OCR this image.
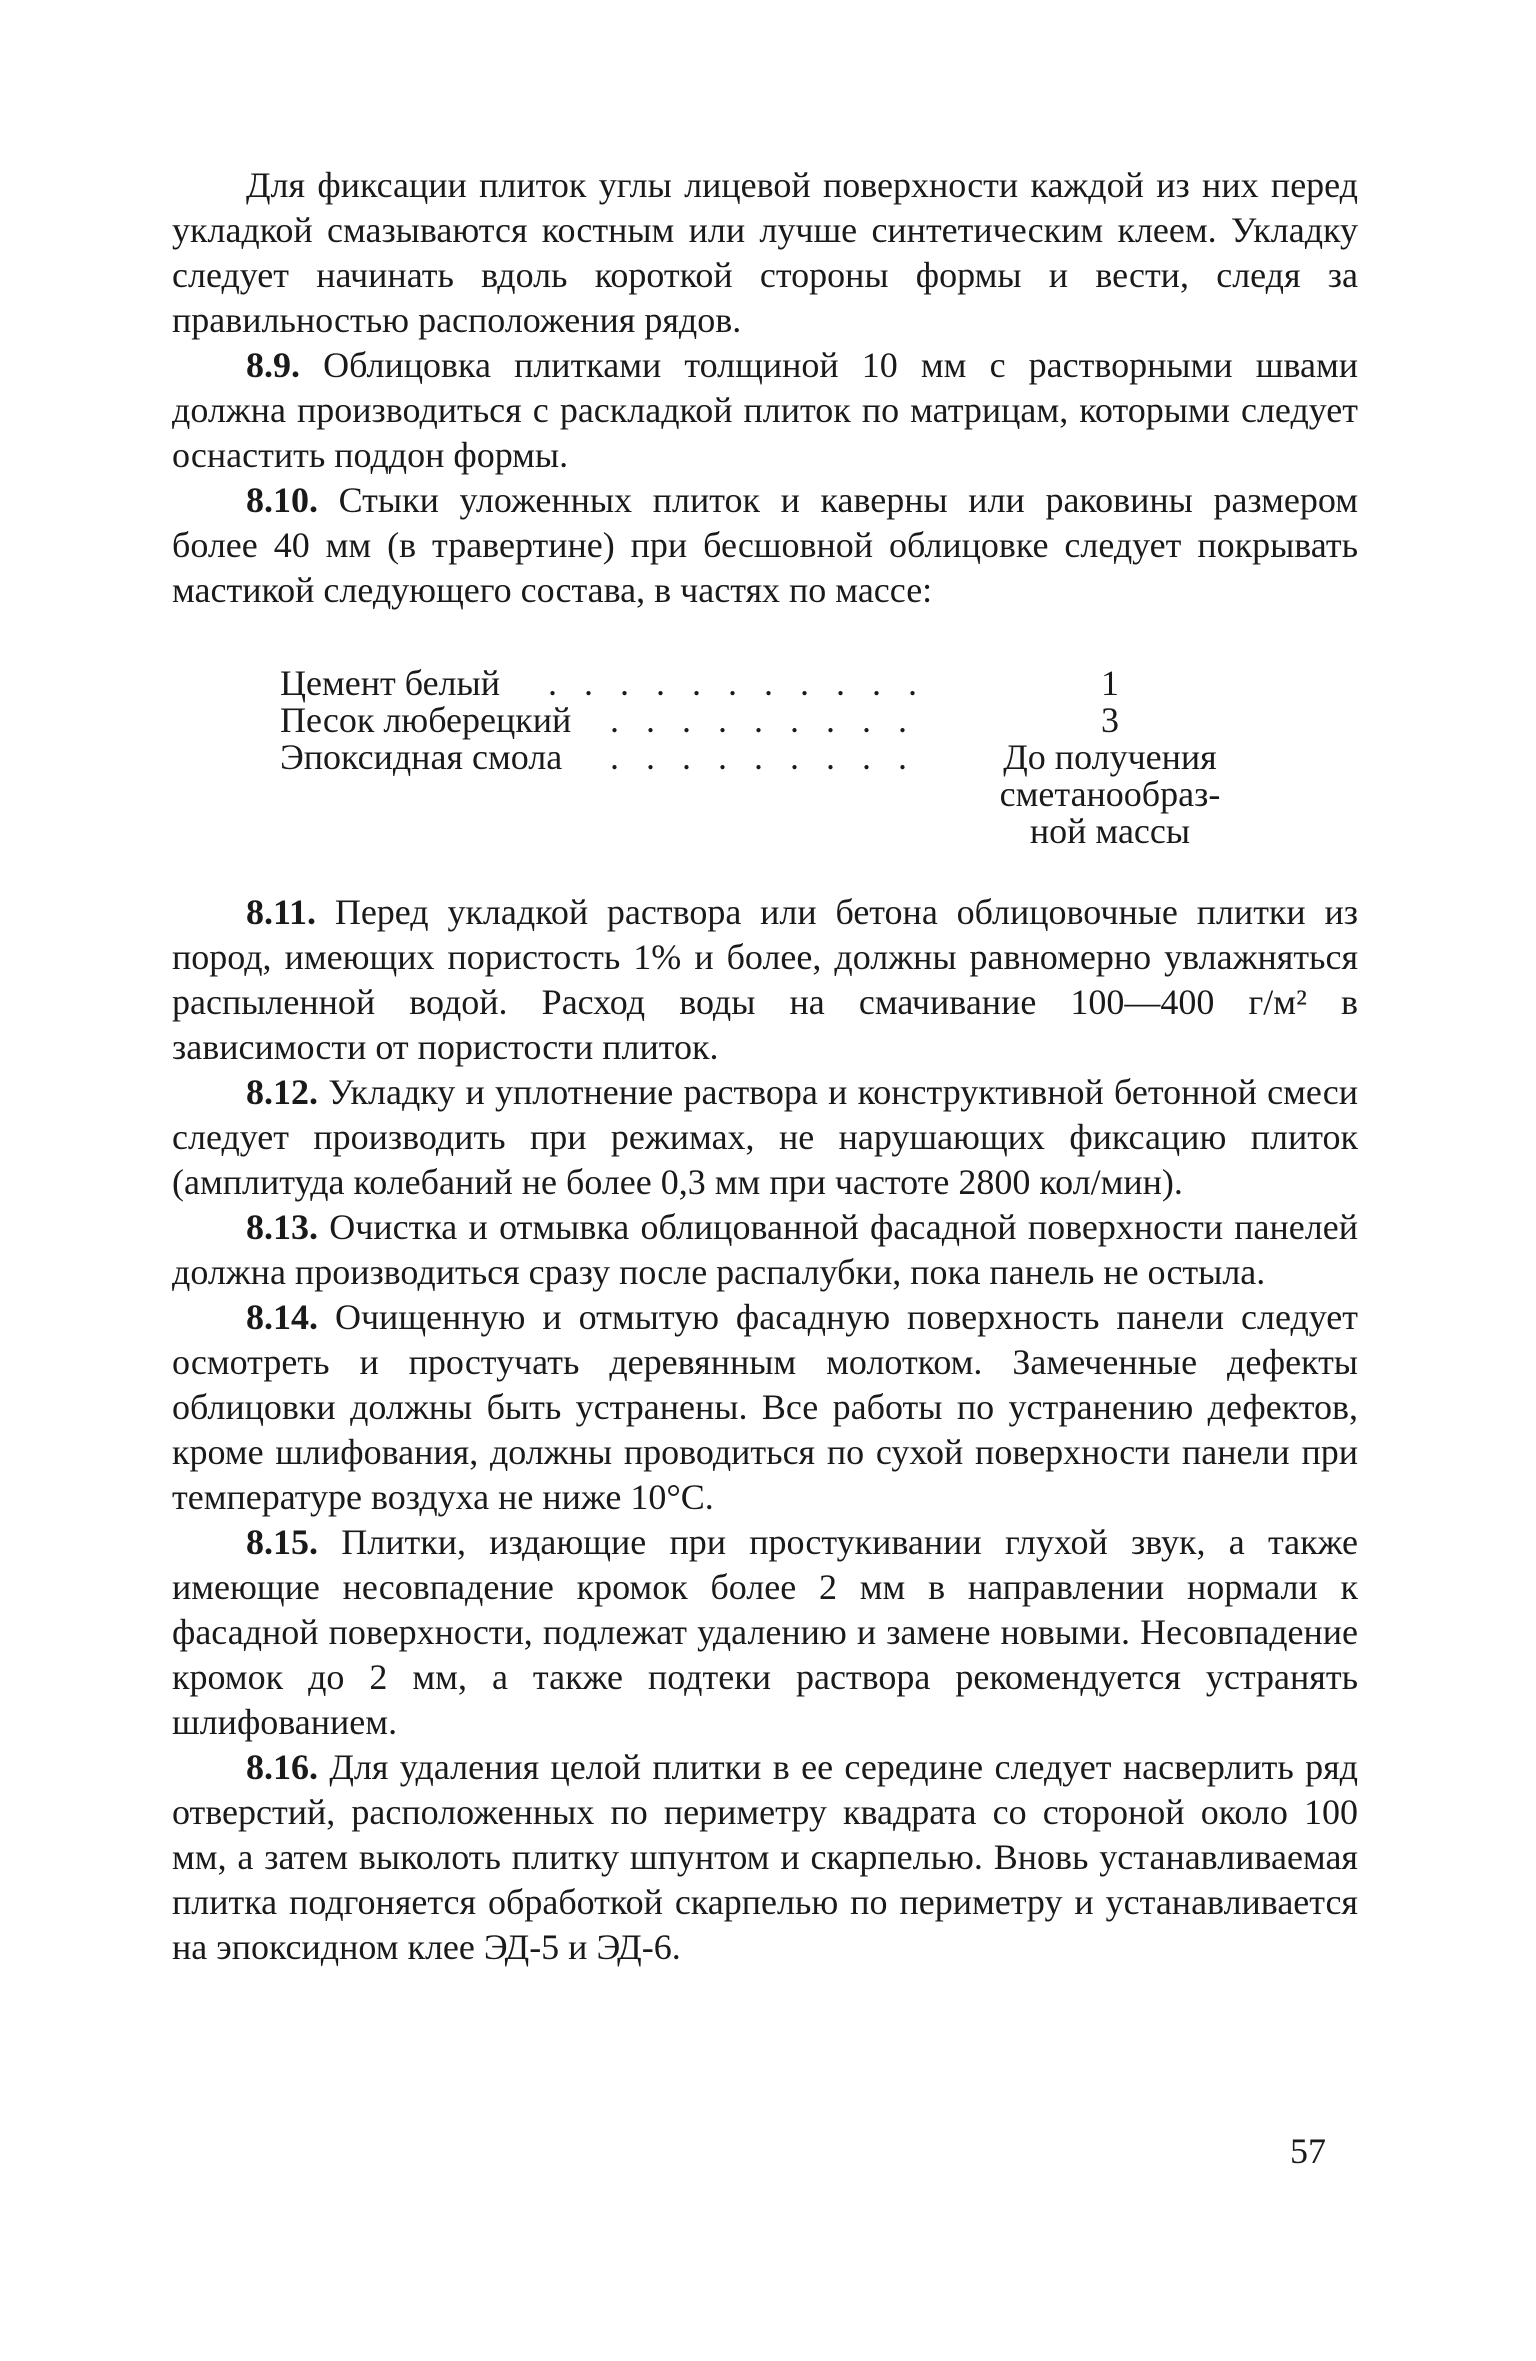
Для фиксации плиток углы лицевой поверхности каждой из них перед укладкой смазываются костным или лучше синтетическим клеем. Укладку следует начинать вдоль короткой стороны формы и вести, следя за правильностью расположения рядов.

8.9. Облицовка плитками толщиной 10 мм с растворными швами должна производиться с раскладкой плиток по матрицам, которыми следует оснастить поддон формы.

8.10. Стыки уложенных плиток и каверны или раковины размером более 40 мм (в травертине) при бесшовной облицовке следует покрывать мастикой следующего состава, в частях по массе:

Цемент белый . . . . . . . . . . .	1
Песок люберецкий . . . . . . . . .	3
Эпоксидная смола . . . . . . . . .	До получения
сметанообраз-
ной массы

8.11. Перед укладкой раствора или бетона облицовочные плитки из пород, имеющих пористость 1% и более, должны равномерно увлажняться распыленной водой. Расход воды на смачивание 100—400 г/м² в зависимости от пористости плиток.

8.12. Укладку и уплотнение раствора и конструктивной бетонной смеси следует производить при режимах, не нарушающих фиксацию плиток (амплитуда колебаний не более 0,3 мм при частоте 2800 кол/мин).

8.13. Очистка и отмывка облицованной фасадной поверхности панелей должна производиться сразу после распалубки, пока панель не остыла.

8.14. Очищенную и отмытую фасадную поверхность панели следует осмотреть и простучать деревянным молотком. Замеченные дефекты облицовки должны быть устранены. Все работы по устранению дефектов, кроме шлифования, должны проводиться по сухой поверхности панели при температуре воздуха не ниже 10°C.

8.15. Плитки, издающие при простукивании глухой звук, а также имеющие несовпадение кромок более 2 мм в направлении нормали к фасадной поверхности, подлежат удалению и замене новыми. Несовпадение кромок до 2 мм, а также подтеки раствора рекомендуется устранять шлифованием.

8.16. Для удаления целой плитки в ее середине следует насверлить ряд отверстий, расположенных по периметру квадрата со стороной около 100 мм, а затем выколоть плитку шпунтом и скарпелью. Вновь устанавливаемая плитка подгоняется обработкой скарпелью по периметру и устанавливается на эпоксидном клее ЭД-5 и ЭД-6.

57
